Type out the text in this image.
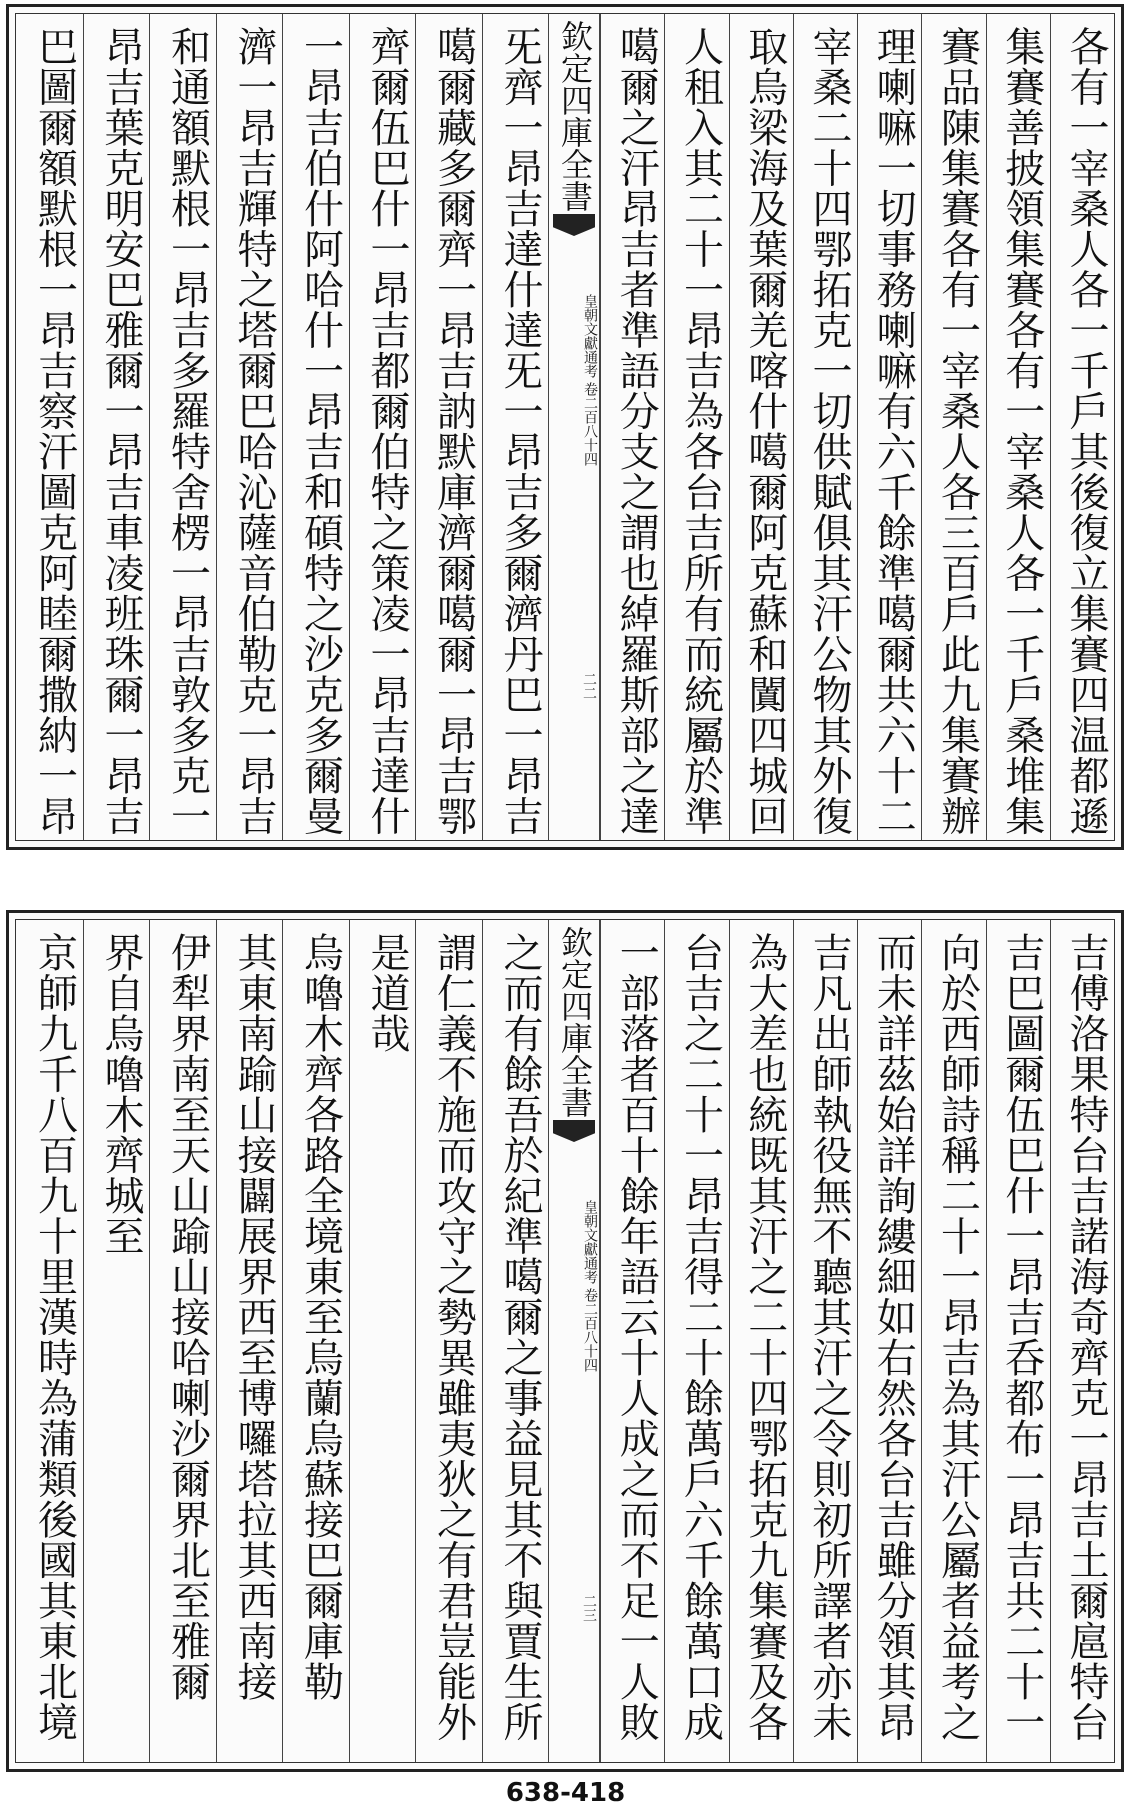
各有一宰桑人各一千戶其後復立集賽四温都遜
集賽善披領集賽各有一宰桑人各一千戶桑堆集
賽品陳集賽各有一宰桑人各三百戶此九集賽辦
理喇嘛一切事務喇嘛有六千餘準噶爾共六十二
宰桑二十四鄂拓克一切供賦俱其汗公物其外復
取烏梁海及葉爾羌喀什噶爾阿克蘇和闐四城回
人租入其二十一昂吉為各台吉所有而統屬於準
噶爾之汗昂吉者準語分支之謂也綽羅斯部之達
旡齊一昂吉達什達旡一昂吉多爾濟丹巴一昂吉
噶爾藏多爾齊一昂吉訥默庫濟爾噶爾一昂吉鄂
齊爾伍巴什一昂吉都爾伯特之策凌一昂吉達什
一昂吉伯什阿哈什一昂吉和碩特之沙克多爾曼
濟一昂吉輝特之塔爾巴哈沁薩音伯勒克一昂吉
和通額默根一昂吉多羅特舍楞一昂吉敦多克一
昂吉葉克明安巴雅爾一昂吉車凌班珠爾一昂吉
巴圖爾額默根一昂吉察汗圖克阿睦爾撒納一昂	欽定四庫全書
皇朝文獻通考
卷二百八十四
二二
吉傅洛果特台吉諾海奇齊克一昂吉土爾扈特台
吉巴圖爾伍巴什一昂吉呑都布一昂吉共二十一
向於西師詩稱二十一昂吉為其汗公屬者益考之
而未詳茲始詳詢縷細如右然各台吉雖分領其昂
吉凡出師執役無不聽其汗之令則初所譯者亦未
為大差也統既其汗之二十四鄂拓克九集賽及各
台吉之二十一昂吉得二十餘萬戶六千餘萬口成
一部落者百十餘年語云十人成之而不足一人敗
之而有餘吾於紀準噶爾之事益見其不與賈生所
謂仁義不施而攻守之勢異雖夷狄之有君豈能外
是道哉
烏嚕木齊各路全境東至烏蘭烏蘇接巴爾庫勒
其東南踰山接闢展界西至博囉塔拉其西南接
伊犁界南至天山踰山接哈喇沙爾界北至雅爾
界自烏嚕木齊城至
京師九千八百九十里漢時為蒲類後國其東北境	欽定四庫全書
皇朝文獻通考
卷二百八十四
二三
638-418
